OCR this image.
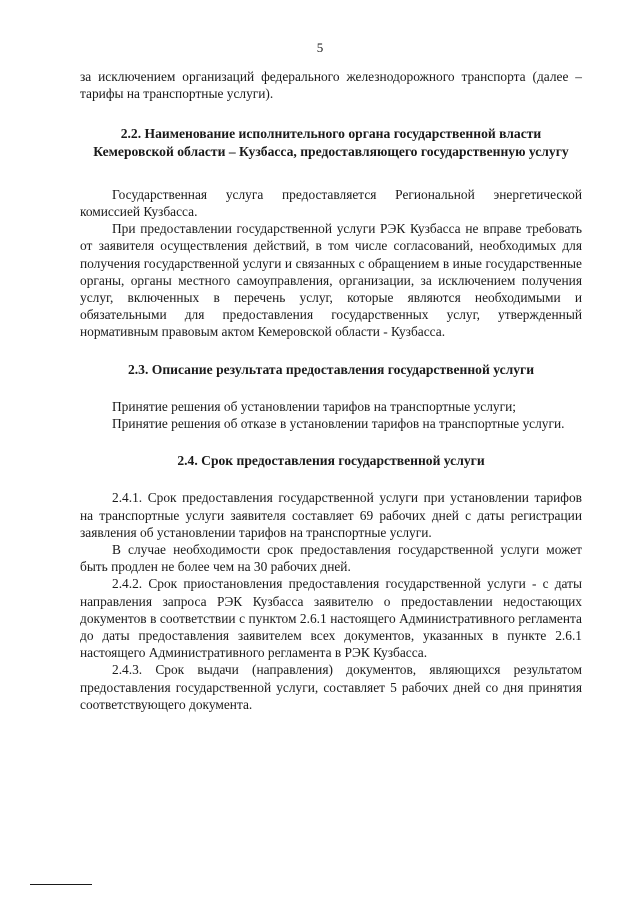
5

за исключением организаций федерального железнодорожного транспорта (далее – тарифы на транспортные услуги).

2.2. Наименование исполнительного органа государственной власти Кемеровской области – Кузбасса, предоставляющего государственную услугу

Государственная услуга предоставляется Региональной энергетической комиссией Кузбасса.

При предоставлении государственной услуги РЭК Кузбасса не вправе требовать от заявителя осуществления действий, в том числе согласований, необходимых для получения государственной услуги и связанных с обращением в иные государственные органы, органы местного самоуправления, организации, за исключением получения услуг, включенных в перечень услуг, которые являются необходимыми и обязательными для предоставления государственных услуг, утвержденный нормативным правовым актом Кемеровской области - Кузбасса.

2.3. Описание результата предоставления государственной услуги

Принятие решения об установлении тарифов на транспортные услуги;

Принятие решения об отказе в установлении тарифов на транспортные услуги.

2.4. Срок предоставления государственной услуги

2.4.1. Срок предоставления государственной услуги при установлении тарифов на транспортные услуги заявителя составляет 69 рабочих дней с даты регистрации заявления об установлении тарифов на транспортные услуги.

В случае необходимости срок предоставления государственной услуги может быть продлен не более чем на 30 рабочих дней.

2.4.2. Срок приостановления предоставления государственной услуги - с даты направления запроса РЭК Кузбасса заявителю о предоставлении недостающих документов в соответствии с пунктом 2.6.1 настоящего Административного регламента до даты предоставления заявителем всех документов, указанных в пункте 2.6.1 настоящего Административного регламента в РЭК Кузбасса.

2.4.3. Срок выдачи (направления) документов, являющихся результатом предоставления государственной услуги, составляет 5 рабочих дней со дня принятия соответствующего документа.
